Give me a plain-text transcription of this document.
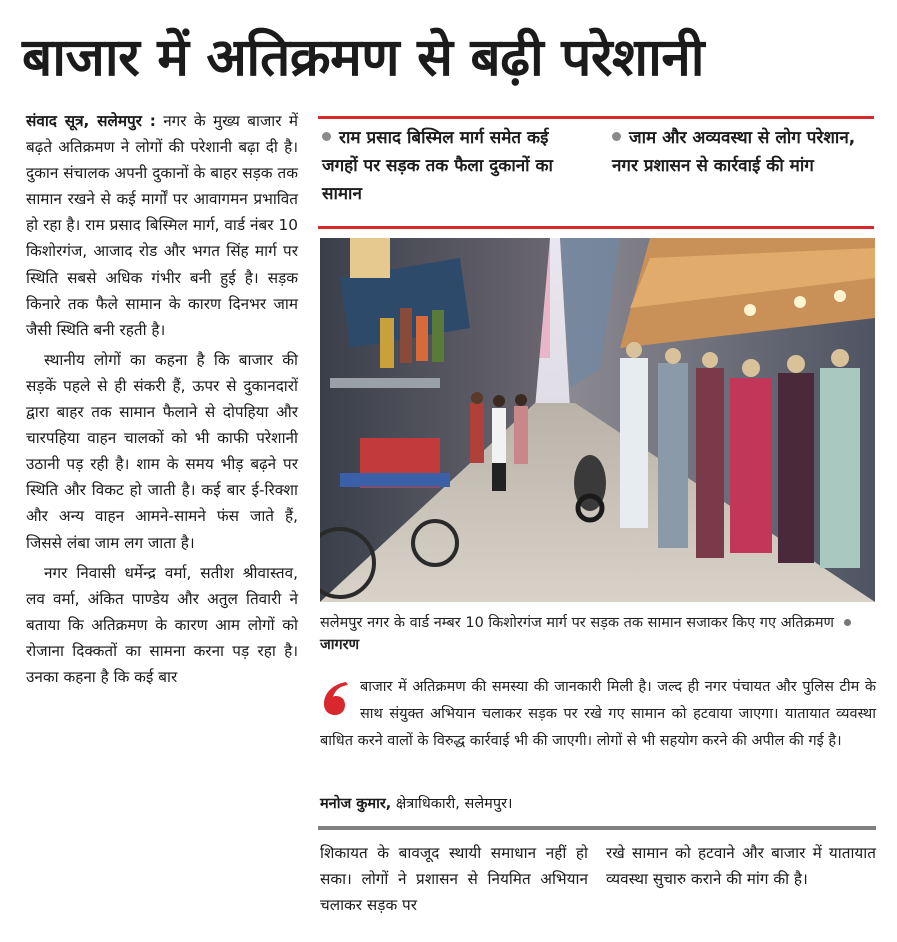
बाजार में अतिक्रमण से बढ़ी परेशानी

संवाद सूत्र, सलेमपुर : नगर के मुख्य बाजार में बढ़ते अतिक्रमण ने लोगों की परेशानी बढ़ा दी है। दुकान संचालक अपनी दुकानों के बाहर सड़क तक सामान रखने से कई मार्गों पर आवागमन प्रभावित हो रहा है। राम प्रसाद बिस्मिल मार्ग, वार्ड नंबर 10 किशोरगंज, आजाद रोड और भगत सिंह मार्ग पर स्थिति सबसे अधिक गंभीर बनी हुई है। सड़क किनारे तक फैले सामान के कारण दिनभर जाम जैसी स्थिति बनी रहती है।

स्थानीय लोगों का कहना है कि बाजार की सड़कें पहले से ही संकरी हैं, ऊपर से दुकानदारों द्वारा बाहर तक सामान फैलाने से दोपहिया और चारपहिया वाहन चालकों को भी काफी परेशानी उठानी पड़ रही है। शाम के समय भीड़ बढ़ने पर स्थिति और विकट हो जाती है। कई बार ई-रिक्शा और अन्य वाहन आमने-सामने फंस जाते हैं, जिससे लंबा जाम लग जाता है।

नगर निवासी धर्मेन्द्र वर्मा, सतीश श्रीवास्तव, लव वर्मा, अंकित पाण्डेय और अतुल तिवारी ने बताया कि अतिक्रमण के कारण आम लोगों को रोजाना दिक्कतों का सामना करना पड़ रहा है। उनका कहना है कि कई बार

राम प्रसाद बिस्मिल मार्ग समेत कई जगहों पर सड़क तक फैला दुकानों का सामान
जाम और अव्यवस्था से लोग परेशान, नगर प्रशासन से कार्रवाई की मांग
सलेमपुर नगर के वार्ड नम्बर 10 किशोरगंज मार्ग पर सड़क तक सामान सजाकर किए गए अतिक्रमणजागरण
बाजार में अतिक्रमण की समस्या की जानकारी मिली है। जल्द ही नगर पंचायत और पुलिस टीम के साथ संयुक्त अभियान चलाकर सड़क पर रखे गए सामान को हटवाया जाएगा। यातायात व्यवस्था बाधित करने वालों के विरुद्ध कार्रवाई भी की जाएगी। लोगों से भी सहयोग करने की अपील की गई है।
मनोज कुमार, क्षेत्राधिकारी, सलेमपुर।

शिकायत के बावजूद स्थायी समाधान नहीं हो सका। लोगों ने प्रशासन से नियमित अभियान चलाकर सड़क पर

रखे सामान को हटवाने और बाजार में यातायात व्यवस्था सुचारु कराने की मांग की है।
